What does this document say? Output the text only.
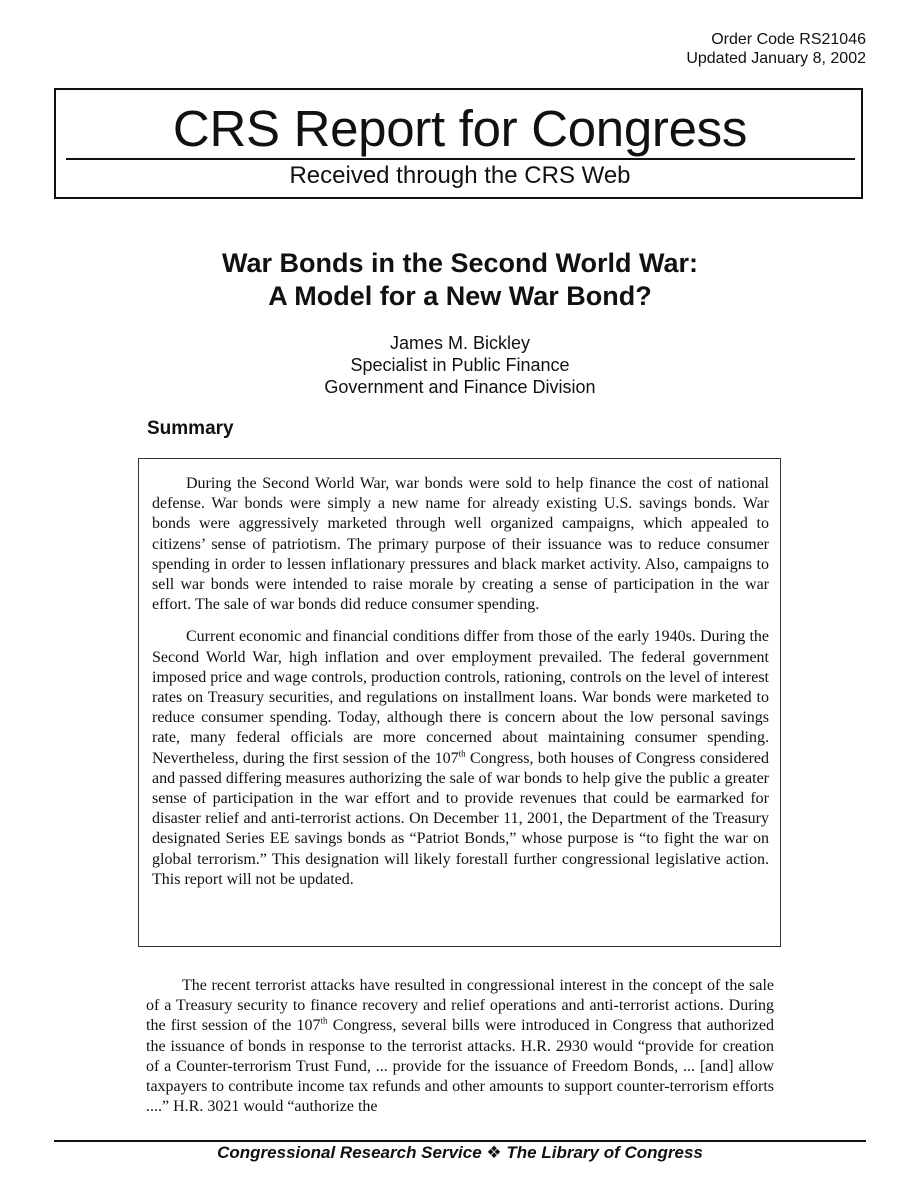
Order Code RS21046
Updated January 8, 2002
CRS Report for Congress
Received through the CRS Web
War Bonds in the Second World War:
A Model for a New War Bond?
James M. Bickley
Specialist in Public Finance
Government and Finance Division
Summary

During the Second World War, war bonds were sold to help finance the cost of national defense. War bonds were simply a new name for already existing U.S. savings bonds. War bonds were aggressively marketed through well organized campaigns, which appealed to citizens’ sense of patriotism. The primary purpose of their issuance was to reduce consumer spending in order to lessen inflationary pressures and black market activity. Also, campaigns to sell war bonds were intended to raise morale by creating a sense of participation in the war effort. The sale of war bonds did reduce consumer spending.

Current economic and financial conditions differ from those of the early 1940s. During the Second World War, high inflation and over employment prevailed. The federal government imposed price and wage controls, production controls, rationing, controls on the level of interest rates on Treasury securities, and regulations on installment loans. War bonds were marketed to reduce consumer spending. Today, although there is concern about the low personal savings rate, many federal officials are more concerned about maintaining consumer spending. Nevertheless, during the first session of the 107th Congress, both houses of Congress considered and passed differing measures authorizing the sale of war bonds to help give the public a greater sense of participation in the war effort and to provide revenues that could be earmarked for disaster relief and anti-terrorist actions. On December 11, 2001, the Department of the Treasury designated Series EE savings bonds as “Patriot Bonds,” whose purpose is “to fight the war on global terrorism.” This designation will likely forestall further congressional legislative action. This report will not be updated.

The recent terrorist attacks have resulted in congressional interest in the concept of the sale of a Treasury security to finance recovery and relief operations and anti-terrorist actions. During the first session of the 107th Congress, several bills were introduced in Congress that authorized the issuance of bonds in response to the terrorist attacks. H.R. 2930 would “provide for creation of a Counter-terrorism Trust Fund, ... provide for the issuance of Freedom Bonds, ... [and] allow taxpayers to contribute income tax refunds and other amounts to support counter-terrorism efforts ....” H.R. 3021 would “authorize the

Congressional Research Service ❖ The Library of Congress
